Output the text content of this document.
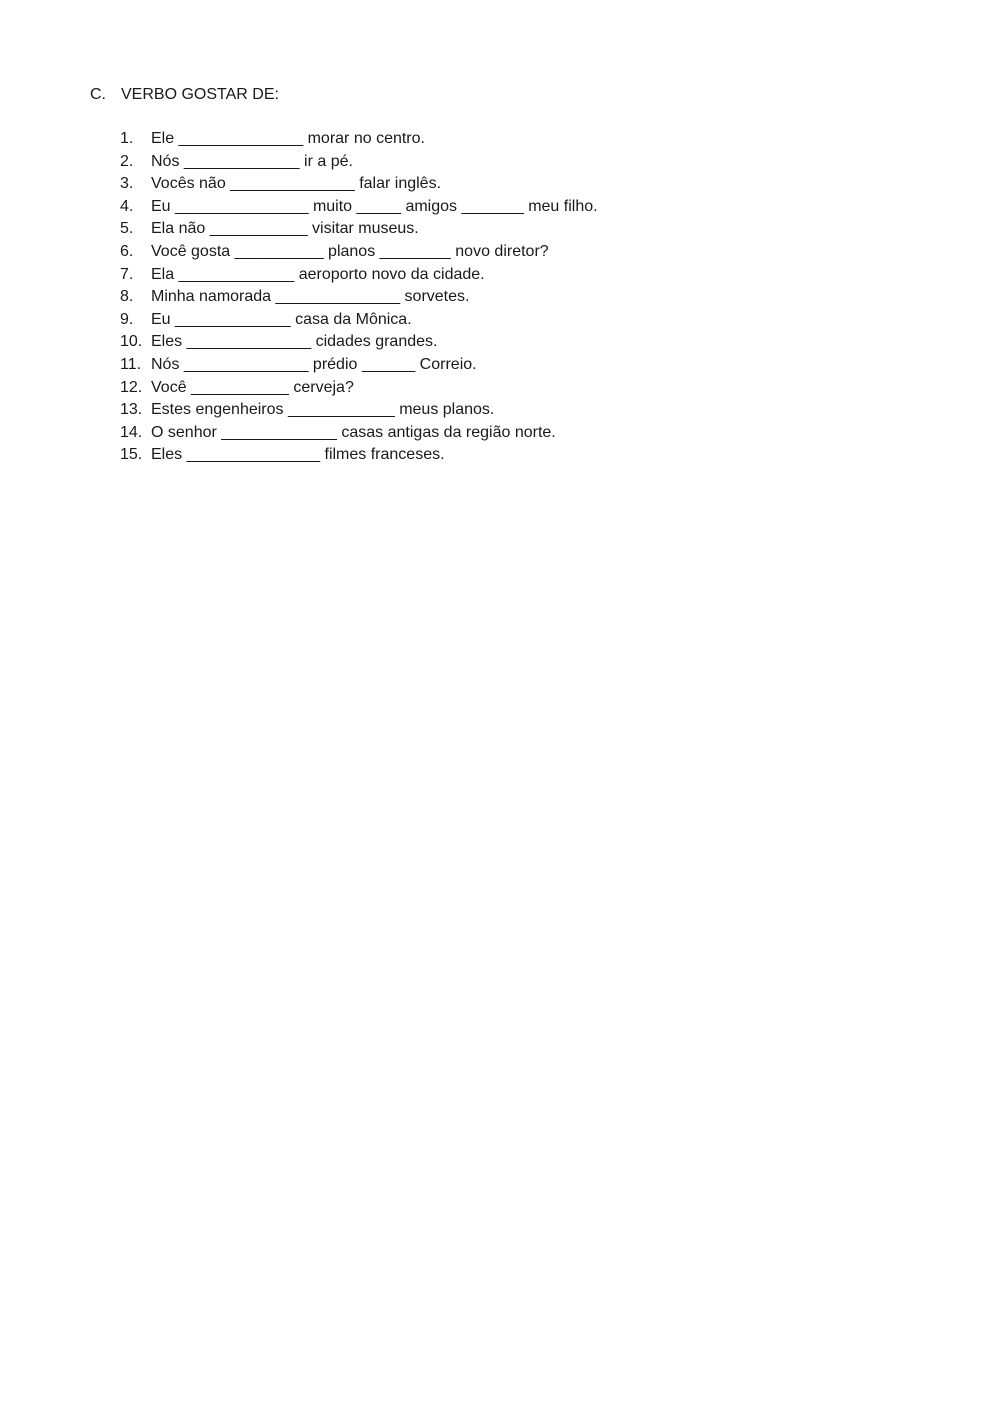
C. VERBO GOSTAR DE:
1. Ele ______________ morar no centro.
2. Nós _____________ ir a pé.
3. Vocês não ______________ falar inglês.
4. Eu _______________ muito _____ amigos _______ meu filho.
5. Ela não ___________ visitar museus.
6. Você gosta __________ planos ________ novo diretor?
7. Ela _____________ aeroporto novo da cidade.
8. Minha namorada ______________ sorvetes.
9. Eu _____________ casa da Mônica.
10. Eles ______________ cidades grandes.
11. Nós ______________ prédio ______ Correio.
12. Você ___________ cerveja?
13. Estes engenheiros ____________ meus planos.
14. O senhor _____________ casas antigas da região norte.
15. Eles _______________ filmes franceses.
